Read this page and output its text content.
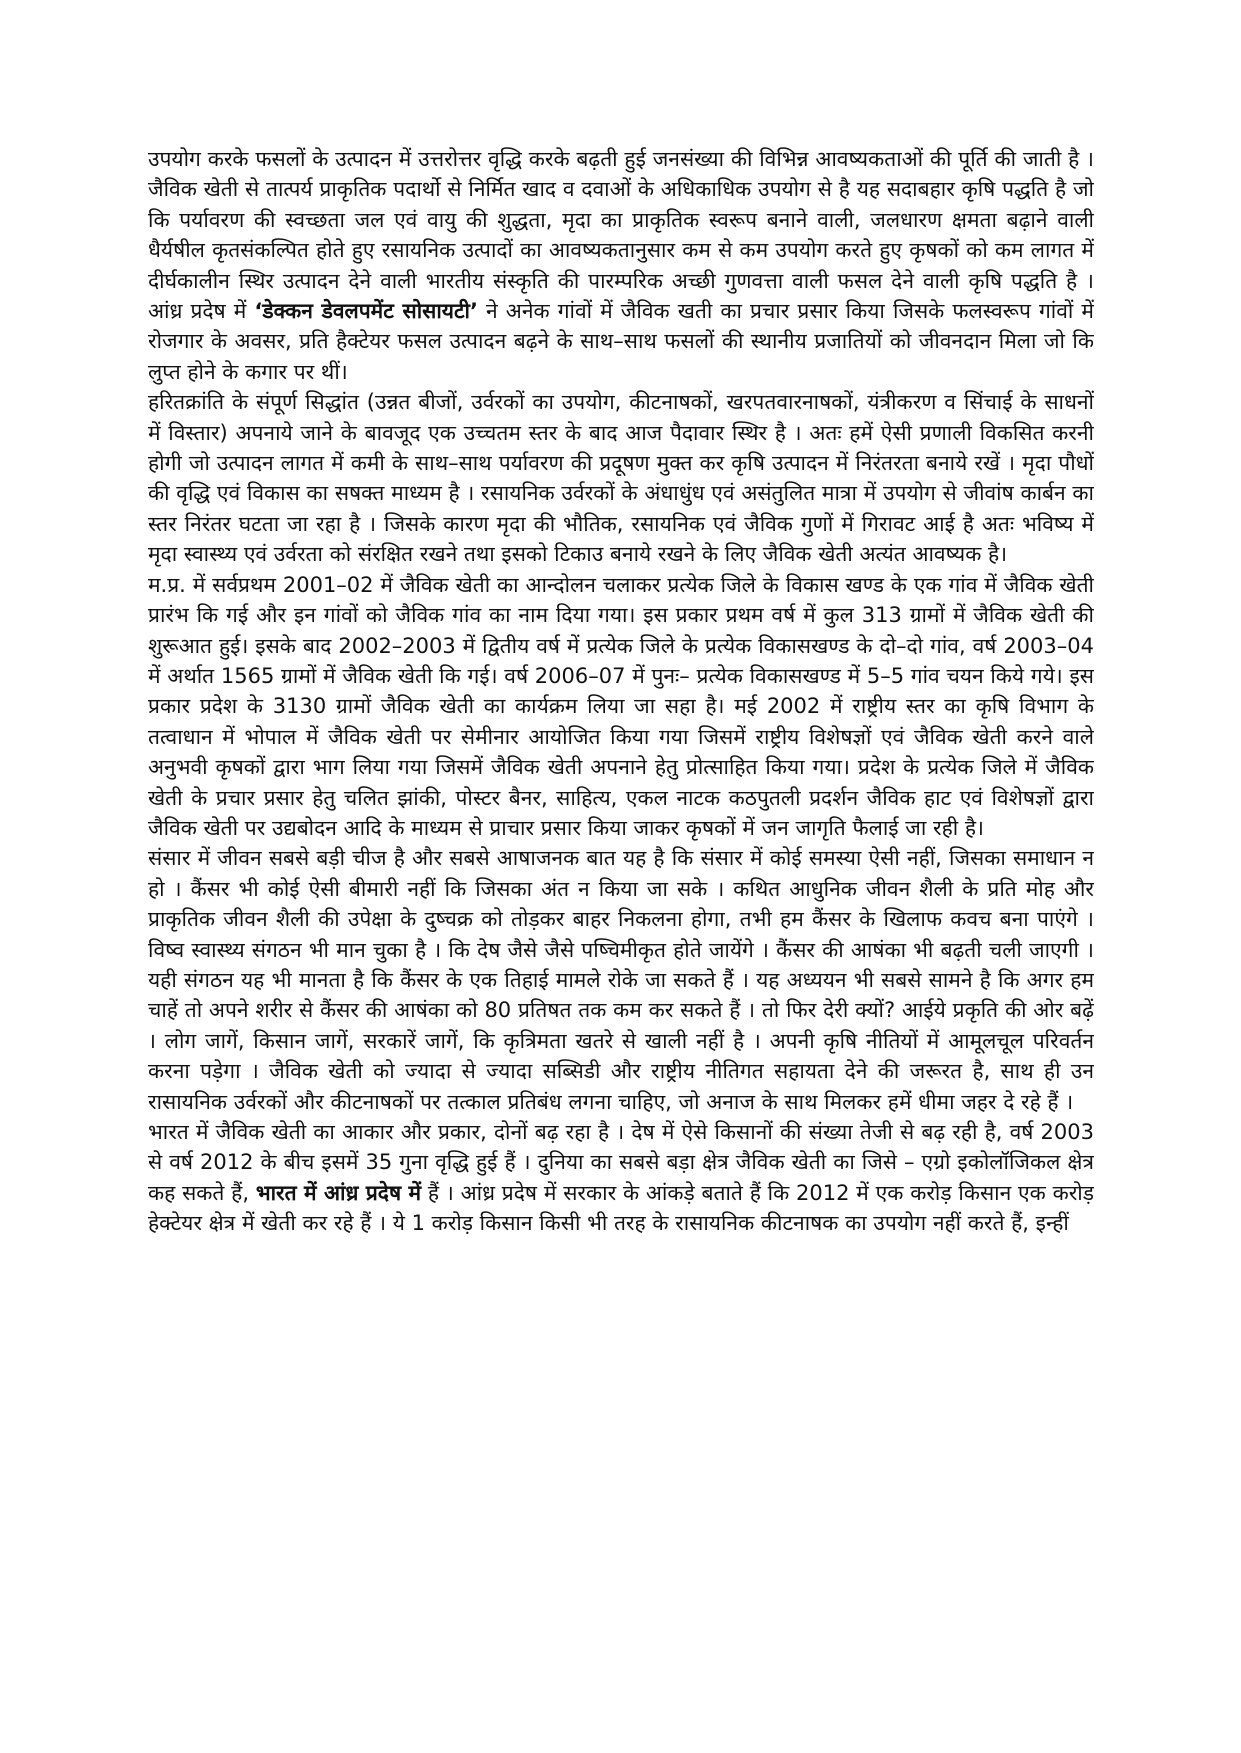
उपयोग करके फसलों के उत्पादन में उत्तरोत्तर वृद्धि करके बढ़ती हुई जनसंख्या की विभिन्न आवष्यकताओं की पूर्ति की जाती है । जैविक खेती से तात्पर्य प्राकृतिक पदार्थो से निर्मित खाद व दवाओं के अधिकाधिक उपयोग से है यह सदाबहार कृषि पद्धति है जो कि पर्यावरण की स्वच्छता जल एवं वायु की शुद्धता, मृदा का प्राकृतिक स्वरूप बनाने वाली, जलधारण क्षमता बढ़ाने वाली धैर्यषील कृतसंकल्पित होते हुए रसायनिक उत्पादों का आवष्यकतानुसार कम से कम उपयोग करते हुए कृषकों को कम लागत में दीर्घकालीन स्थिर उत्पादन देने वाली भारतीय संस्कृति की पारम्परिक अच्छी गुणवत्ता वाली फसल देने वाली कृषि पद्धति है । आंध्र प्रदेष में ‘डेक्कन डेवलपमेंट सोसायटी’ ने अनेक गांवों में जैविक खती का प्रचार प्रसार किया जिसके फलस्वरूप गांवों में रोजगार के अवसर, प्रति हैक्टेयर फसल उत्पादन बढ़ने के साथ–साथ फसलों की स्थानीय प्रजातियों को जीवनदान मिला जो कि लुप्त होने के कगार पर थीं।

हरितक्रांति के संपूर्ण सिद्धांत (उन्नत बीजों, उर्वरकों का उपयोग, कीटनाषकों, खरपतवारनाषकों, यंत्रीकरण व सिंचाई के साधनों में विस्तार) अपनाये जाने के बावजूद एक उच्चतम स्तर के बाद आज पैदावार स्थिर है । अतः हमें ऐसी प्रणाली विकसित करनी होगी जो उत्पादन लागत में कमी के साथ–साथ पर्यावरण की प्रदूषण मुक्त कर कृषि उत्पादन में निरंतरता बनाये रखें । मृदा पौधों की वृद्धि एवं विकास का सषक्त माध्यम है । रसायनिक उर्वरकों के अंधाधुंध एवं असंतुलित मात्रा में उपयोग से जीवांष कार्बन का स्तर निरंतर घटता जा रहा है । जिसके कारण मृदा की भौतिक, रसायनिक एवं जैविक गुणों में गिरावट आई है अतः भविष्य में मृदा स्वास्थ्य एवं उर्वरता को संरक्षित रखने तथा इसको टिकाउ बनाये रखने के लिए जैविक खेती अत्यंत आवष्यक है।

म.प्र. में सर्वप्रथम 2001–02 में जैविक खेती का आन्दोलन चलाकर प्रत्येक जिले के विकास खण्ड के एक गांव में जैविक खेती प्रारंभ कि गई और इन गांवों को जैविक गांव का नाम दिया गया। इस प्रकार प्रथम वर्ष में कुल 313 ग्रामों में जैविक खेती की शुरूआत हुई। इसके बाद 2002–2003 में द्वितीय वर्ष में प्रत्येक जिले के प्रत्येक विकासखण्ड के दो–दो गांव, वर्ष 2003–04 में अर्थात 1565 ग्रामों में जैविक खेती कि गई। वर्ष 2006–07 में पुनः– प्रत्येक विकासखण्ड में 5–5 गांव चयन किये गये। इस प्रकार प्रदेश के 3130 ग्रामों जैविक खेती का कार्यक्रम लिया जा सहा है। मई 2002 में राष्ट्रीय स्तर का कृषि विभाग के तत्वाधान में भोपाल में जैविक खेती पर सेमीनार आयोजित किया गया जिसमें राष्ट्रीय विशेषज्ञों एवं जैविक खेती करने वाले अनुभवी कृषकों द्वारा भाग लिया गया जिसमें जैविक खेती अपनाने हेतु प्रोत्साहित किया गया। प्रदेश के प्रत्येक जिले में जैविक खेती के प्रचार प्रसार हेतु चलित झांकी, पोस्टर बैनर, साहित्य, एकल नाटक कठपुतली प्रदर्शन जैविक हाट एवं विशेषज्ञों द्वारा जैविक खेती पर उद्यबोदन आदि के माध्यम से प्राचार प्रसार किया जाकर कृषकों में जन जागृति फैलाई जा रही है।

संसार में जीवन सबसे बड़ी चीज है और सबसे आषाजनक बात यह है कि संसार में कोई समस्या ऐसी नहीं, जिसका समाधान न हो । कैंसर भी कोई ऐसी बीमारी नहीं कि जिसका अंत न किया जा सके । कथित आधुनिक जीवन शैली के प्रति मोह और प्राकृतिक जीवन शैली की उपेक्षा के दुष्चक्र को तोड़कर बाहर निकलना होगा, तभी हम कैंसर के खिलाफ कवच बना पाएंगे । विष्व स्वास्थ्य संगठन भी मान चुका है । कि देष जैसे जैसे पष्चिमीकृत होते जायेंगे । कैंसर की आषंका भी बढ़ती चली जाएगी । यही संगठन यह भी मानता है कि कैंसर के एक तिहाई मामले रोके जा सकते हैं । यह अध्ययन भी सबसे सामने है कि अगर हम चाहें तो अपने शरीर से कैंसर की आषंका को 80 प्रतिषत तक कम कर सकते हैं । तो फिर देरी क्यों? आईये प्रकृति की ओर बढ़ें । लोग जागें, किसान जागें, सरकारें जागें, कि कृत्रिमता खतरे से खाली नहीं है । अपनी कृषि नीतियों में आमूलचूल परिवर्तन करना पड़ेगा । जैविक खेती को ज्यादा से ज्यादा सब्सिडी और राष्ट्रीय नीतिगत सहायता देने की जरूरत है, साथ ही उन रासायनिक उर्वरकों और कीटनाषकों पर तत्काल प्रतिबंध लगना चाहिए, जो अनाज के साथ मिलकर हमें धीमा जहर दे रहे हैं ।

भारत में जैविक खेती का आकार और प्रकार, दोनों बढ़ रहा है । देष में ऐसे किसानों की संख्या तेजी से बढ़ रही है, वर्ष 2003 से वर्ष 2012 के बीच इसमें 35 गुना वृद्धि हुई हैं । दुनिया का सबसे बड़ा क्षेत्र जैविक खेती का जिसे – एग्रो इकोलॉजिकल क्षेत्र कह सकते हैं, भारत में आंध्र प्रदेष में हैं । आंध्र प्रदेष में सरकार के आंकड़े बताते हैं कि 2012 में एक करोड़ किसान एक करोड़ हेक्टेयर क्षेत्र में खेती कर रहे हैं । ये 1 करोड़ किसान किसी भी तरह के रासायनिक कीटनाषक का उपयोग नहीं करते हैं, इन्हीं
